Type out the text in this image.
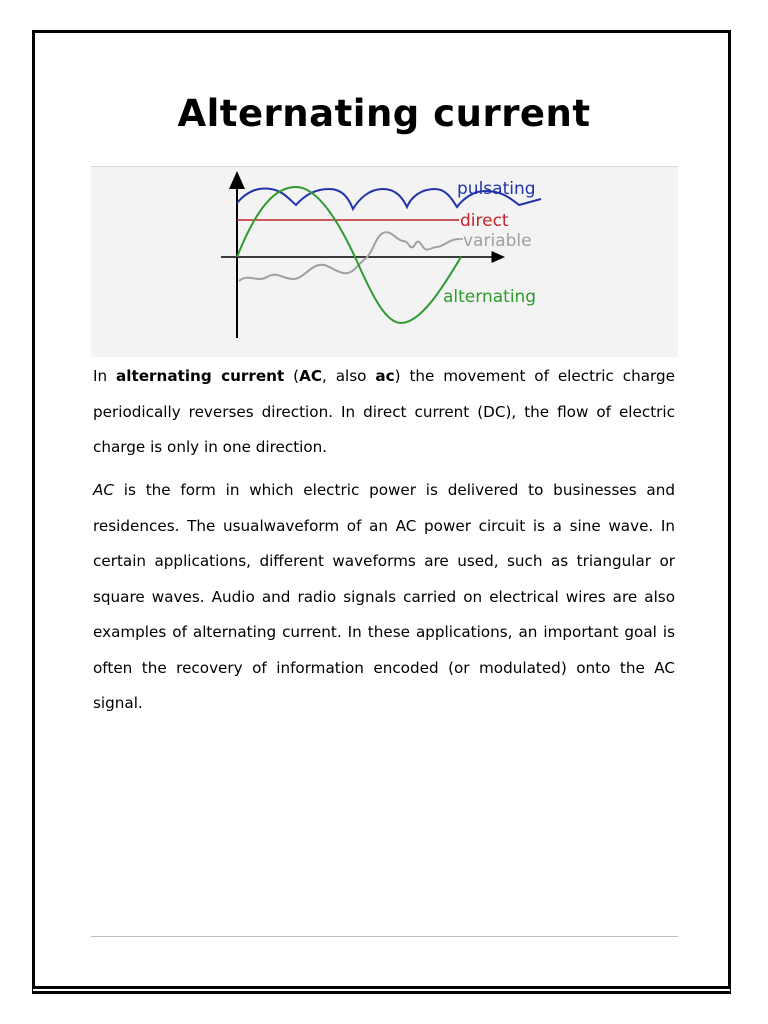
Alternating current
pulsating
direct
variable
alternating

In alternating current (AC, also ac) the movement of electric charge periodically reverses direction. In direct current (DC), the flow of electric charge is only in one direction.

AC is the form in which electric power is delivered to businesses and residences. The usualwaveform of an AC power circuit is a sine wave. In certain applications, different waveforms are used, such as triangular or square waves. Audio and radio signals carried on electrical wires are also examples of alternating current. In these applications, an important goal is often the recovery of information encoded (or modulated) onto the AC signal.
